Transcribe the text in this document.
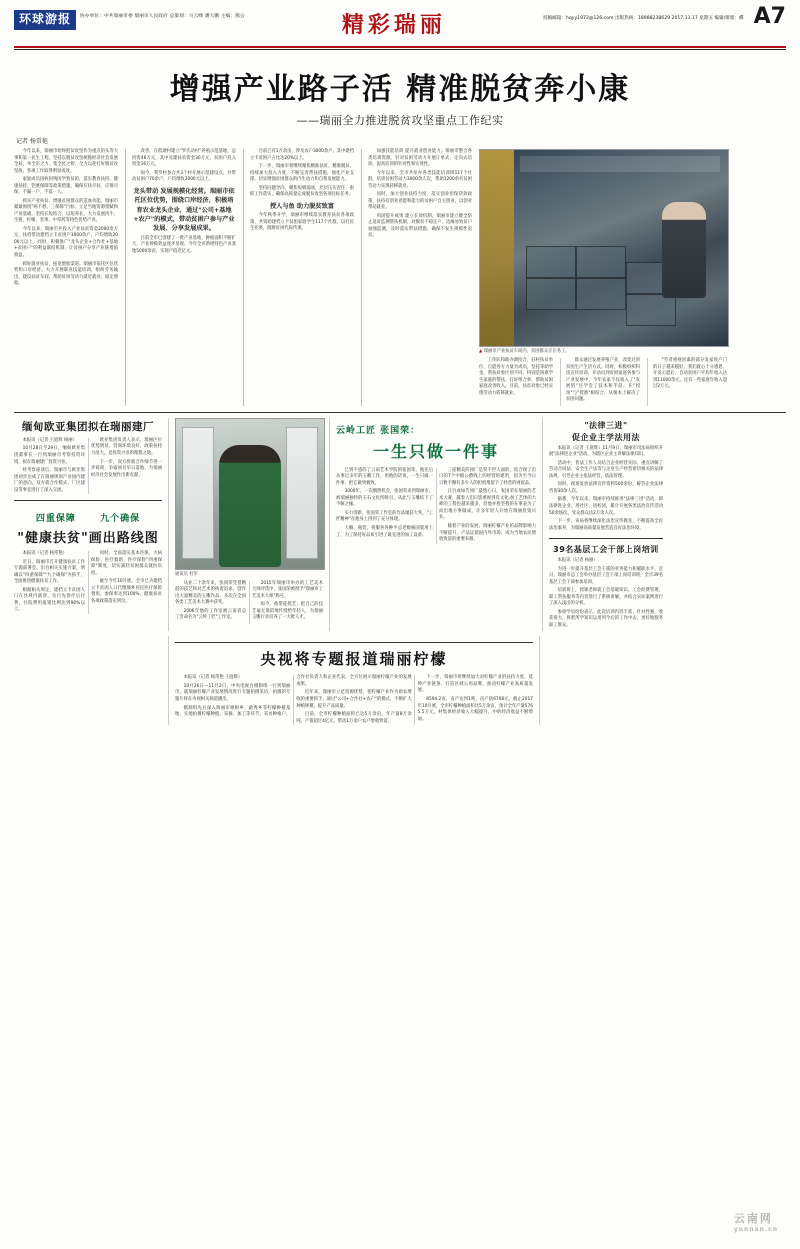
环球游报	协办单位：中共瑞丽市委 瑞丽市人民政府 总策划：马云峰 潘大鹏 主编：熊公	精彩瑞丽	投稿邮箱：hqyy1972@126.com 出版热线：18988238629 2017.11.17 星期五 编辑/排版：蝶 A7
增强产业路子活 精准脱贫奔小康
——瑞丽全力推进脱贫攻坚重点工作纪实
记者 杨常艳

今年以来，瑞丽市始终把贫攻坚作为重点的头等大事和第一民生工程，坚持以脱贫攻坚统揽经济社会发展全局，举全市之力、集全民之智，全力以赴打好脱贫攻坚战，各项工作取得明显成效。

家庭成员因病因残因学致贫的，落实教育扶持、健康扶持、兜底保障等政策措施，确保应扶尽扶、应保尽保，不漏一户、不落一人。

抓实产业扶贫，增强贫困群众的造血功能。瑞丽市紧紧围绕"两不愁、三保障"目标，立足当地资源禀赋和产业基础，坚持长短结合、以短养长，大力发展肉牛、生猪、柠檬、坚果、中草药等特色优势产业。

今年以来，瑞丽市共投入产业扶贫资金2000余万元，扶持带动建档立卡贫困户3000余户，户均增收2000元以上。同时，积极推广"龙头企业+合作社+基地+贫困户"的利益联结机制，让贫困户分享产业链增值收益。

抓好就业扶贫，拓宽增收渠道。瑞丽市依托区位优势和口岸经济，大力开展职业技能培训，组织劳务输出，建设扶贫车间，帮助贫困劳动力就近就业、稳定增收。

改善，在低矮村建立"罗氏动村"养殖示范基地，总投资46万元，其中见建扶贫资金30万元，贫困户投入资金16万元。

如今，我罗村参合共3个村开展示范建设点，共带动贫困户70余户，户均增收3000元以上。

龙头带动 发展规模化经营。瑞丽市依托区位优势，围绕口岸经济，积极培育农业龙头企业，通过"公司+基地+农户"的模式，带动贫困户参与产业发展、分享发展成果。

目前全市已创建了一批产业基地，种植面积不断扩大，产业规模效益逐步显现。今年全市新增特色产业基地5000余亩，实现产值近亿元。

目前已有1万余亩，涉及农户3000余户，其中建档立卡贫困户占比达20%以上。

下一步，瑞丽市将继续聚焦精准扶贫、精准脱贫，持续加大投入力度，不断完善帮扶措施，强化产业支撑，切实增强贫困群众的内生动力和自我发展能力。

坚持问题导向，聚焦短板弱项，层层压实责任，狠抓工作落实，确保高质量完成脱贫攻坚各项目标任务。

授人与鱼 助力脱贫致富

今年秋季开学，瑞丽市继续落实教育扶贫各项政策，共资助建档立卡贫困家庭学生117个社群，以打民生托底，阻断贫困代际传递。

加强技能培训 提升就业创业能力。瑞丽市整合各类培训资源，针对贫困劳动力开展订单式、定向式培训，提高培训的针对性和实效性。

今年以来，全市共举办各类技能培训班117个社群，培训贫困劳动力3000余人次，帮助1200余名贫困劳动力实现转移就业。

同时，加大创业扶持力度，落实创业担保贷款政策，扶持有创业意愿和能力的贫困户自主创业，以创业带动就业。

巩固提升成果 建立长效机制。瑞丽市建立健全防止返贫监测帮扶机制，对脱贫不稳定户、边缘易致贫户加强监测，及时落实帮扶措施，确保不发生规模性返贫。

▲ 瑞丽市产业扶贫车间内，贫困群众正在务工。

工作队和联办调度合，驻村扶贫单位、自愿各方力量为成员，坚持等助学金，帮扶对象区别不同，特别是困难学生家庭的帮扶，打好组合拳，帮助贫困家庭改善收入，目前，扶贫对象已经实现劳动力转移就业。

群众通过发展养殖产业，改变过的贫困生产生活方式。同时，积极组织科技宣传培训，开动员到贫困家庭各参与产业发展中，今年农家不仅收入了"发展链"还学会了技术和手段。在"授鱼"与"授渔"相结合，从根本上解决了贫困问题。

"劳者重视因素的部分发家致户门的日子越来越好，我们就心十分感恩，开发心愿后，自动贫困户平均年收入达到11000余元，还有一些家庭年收入超过2万元。

缅甸欧亚集团拟在瑞丽建厂

本报讯（记者 王庭辉 杨丽）

10月28日至29日，缅甸欧亚集团董事长一行到瑞丽市考察投资环境，拟在瑞丽建厂投资兴业。

经考察座谈后，瑞丽市与欧亚集团初步达成了在瑞丽规划产业园内建厂的意向，双方就合作模式、厂区建设等事宜进行了深入交流。

欧亚集团负责人表示，瑞丽区位优势明显，营商环境良好，政策扶持力度大，是投资兴业的理想之地。

下一步，双方将就合作细节进一步磋商，争取项目早日落地，为瑞丽经济社会发展作出新贡献。

四重保障	九个确保
"健康扶贫"画出路线图

本报讯（记者 杨常艳）

近日，瑞丽市召开健康扶贫工作专题部署会，出台相关实施方案，明确以"四重保障""九个确保"为抓手，全面推进健康扶贫工作。

根据相关规定，建档立卡贫困人口在县域内就诊，实行先诊疗后付费，住院费用报销比例达到90%以上。

同时，全面落实基本医保、大病保险、医疗救助、医疗保险"四重保障"制度，切实减轻贫困群众就医负担。

截至今年10月底，全市已为建档立卡贫困人口代缴城乡居民医疗保险费用，参保率达到100%，健康扶贫各项政策落实到位。

通讯员 杜军

从业二十余年来，张国荣凭借精湛的技艺和对艺术的执着追求，创作出大量精美的玉雕作品，多次在全国各类工艺美术大赛中获奖。

2006年他的工作室被云南省总工会命名为"云岭工匠"工作室。

2015年瑞丽市举办的工艺美术大师评选中，张国荣被授予"瑞丽市工艺美术大师"称号。

如今，他带徒授艺，把自己的技艺毫无保留地传授给年轻人，为瑞丽玉雕行业培养了一大批人才。

云岭工匠 张国荣：
一生只做一件事

已到不惑的了云南艺术学院的张国荣，他先后从事过多年的玉雕工作，用他的话说，一生只做一件事，把它做到极致。

3000年，一次偶然机会，张国荣来到瑞丽市，被瑞丽独特的玉石文化所吸引，从此与玉雕结下了不解之缘。

实力创新，张国荣工作室的作品屡获大奖，"工匠精神"在他身上得到了充分体现。

大楠、瓶装，将服务各种半总老级核国架用上了，为了保持好品质引进了最先进的加工设备。

三座精美的园厂是贸不世人面的，结合现了出口的7个中级公爵线上的经营的建筑，因为至今日日数不濒有多少人的担机堆留下了经营的财富品。

日百成如告园厂最饱心日，张国荣在瑞丽的艺术大赛，越着人们日影重视到有文化,加工艺体的大师的工程也越来越多，但他并将坚程的在事表为了而出地方事做成，许多年轻人开始在瑞丽投资兴业。

随着产业的发展，瑞丽柠檬产业的品牌影响力不断提升，产品远销国内外市场，成为当地农民增收致富的重要来源。

"法律三进"
促企业主学法用法

本报讯（记者 王庭辉）11月9日，瑞丽市司法局组织开展"法律进企业"活动，为辖区企业主讲解法律知识。

活动中，普法工作人员结合企业经营实际，重点讲解了劳动合同法、安全生产法等与企业生产经营密切相关的法律法规，引导企业主依法经营、依法管理。

同时，现场发放法律宣传资料500余份，解答企业法律咨询30余人次。

据悉，今年以来，瑞丽市持续推进"法律三进"活动，即法律进企业、进社区、进校园，累计开展各类法治宣传活动50余场次，受众群众达2万余人次。

下一步，该局将继续深化法治宣传教育，不断提高全民法治素养，为瑞丽高质量发展营造良好法治环境。

39名基层工会干部上岗培训

本报讯（记者 杨丽）

为进一步提升基层工会干部的业务能力和履职水平，近日，瑞丽市总工会举办基层工会干部上岗培训班，全市39名基层工会干部参加培训。

培训班上，授课老师就工会基础知识、工会经费管理、职工帮扶服务等内容进行了系统讲解，并结合实际案例进行了深入浅出的分析。

参训学员纷纷表示，此次培训内容丰富、针对性强，收获很大，将把所学知识运用到今后的工作中去，更好地服务职工群众。

央视将专题报道瑞丽柠檬

本报讯（记者 杨常艳 王庭辉）

10月26日—11月2日，中央电视台摄制组一行到瑞丽市，就瑞丽柠檬产业发展情况进行专题拍摄采访，拍摄的专题片将在央视相关频道播出。

摄制组先后深入瑞丽市姐相乡、勐秀乡等柠檬种植基地，实地拍摄柠檬种植、采摘、加工等环节，采访种植户、合作社负责人和企业代表，全方位展示瑞丽柠檬产业的发展成果。

近年来，瑞丽市立足资源优势，把柠檬产业作为助农增收的重要抓手，通过"公司+合作社+农户"的模式，不断扩大种植规模，提升产品质量。

目前，全市柠檬种植面积已达5万余亩，年产量8万余吨，产值超过4亿元，带动1万余户农户增收致富。

下一步，瑞丽市将继续加大对柠檬产业的扶持力度，延伸产业链条，打造区域公用品牌，推动柠檬产业高质量发展。

8594.2亩，亩产达到1吨，亩产值6708元，截止2017年10月底，全市柠檬种植面积达5万余亩，预计全年产量5765.5万元，村集体经济收入大幅提升，中的经济收益不断增加。

云南网
yunnan.cn
